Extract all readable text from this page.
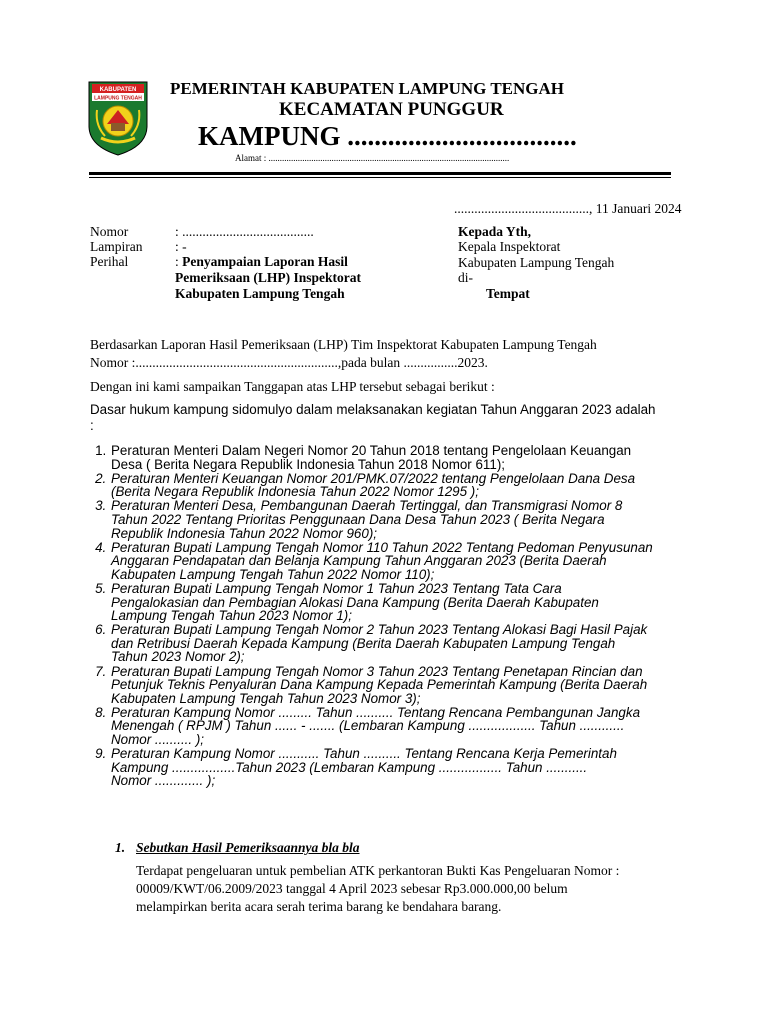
KABUPATEN
LAMPUNG TENGAH
PEMERINTAH KABUPATEN LAMPUNG TENGAH
KECAMATAN PUNGGUR
KAMPUNG ..................................
Alamat : ...........................................................................................................
........................................, 11 Januari 2024
Nomor	: .......................................
Lampiran : -
Perihal	: Penyampaian Laporan Hasil
Pemeriksaan (LHP) Inspektorat
Kabupaten Lampung Tengah
Kepada Yth,
Kepala Inspektorat
Kabupaten Lampung Tengah
di-
Tempat
Berdasarkan Laporan Hasil Pemeriksaan (LHP) Tim Inspektorat Kabupaten Lampung Tengah
Nomor :............................................................,pada bulan ................2023.
Dengan ini kami sampaikan Tanggapan atas LHP tersebut sebagai berikut :
Dasar hukum kampung sidomulyo dalam melaksanakan kegiatan Tahun Anggaran 2023 adalah
:
1. Peraturan Menteri Dalam Negeri Nomor 20 Tahun 2018 tentang Pengelolaan Keuangan
Desa ( Berita Negara Republik Indonesia Tahun 2018 Nomor 611);
2. Peraturan Menteri Keuangan Nomor 201/PMK.07/2022 tentang Pengelolaan Dana Desa
(Berita Negara Republik Indonesia Tahun 2022 Nomor 1295 );
3. Peraturan Menteri Desa, Pembangunan Daerah Tertinggal, dan Transmigrasi Nomor 8
Tahun 2022 Tentang Prioritas Penggunaan Dana Desa Tahun 2023 ( Berita Negara
Republik Indonesia Tahun 2022 Nomor 960);
4. Peraturan Bupati Lampung Tengah Nomor 110 Tahun 2022 Tentang Pedoman Penyusunan
Anggaran Pendapatan dan Belanja Kampung Tahun Anggaran 2023 (Berita Daerah
Kabupaten Lampung Tengah Tahun 2022 Nomor 110);
5. Peraturan Bupati Lampung Tengah Nomor 1 Tahun 2023 Tentang Tata Cara
Pengalokasian dan Pembagian Alokasi Dana Kampung (Berita Daerah Kabupaten
Lampung Tengah Tahun 2023 Nomor 1);
6. Peraturan Bupati Lampung Tengah Nomor 2 Tahun 2023 Tentang Alokasi Bagi Hasil Pajak
dan Retribusi Daerah Kepada Kampung (Berita Daerah Kabupaten Lampung Tengah
Tahun 2023 Nomor 2);
7. Peraturan Bupati Lampung Tengah Nomor 3 Tahun 2023 Tentang Penetapan Rincian dan
Petunjuk Teknis Penyaluran Dana Kampung Kepada Pemerintah Kampung (Berita Daerah
Kabupaten Lampung Tengah Tahun 2023 Nomor 3);
8. Peraturan Kampung Nomor ......... Tahun .......... Tentang Rencana Pembangunan Jangka
Menengah ( RPJM ) Tahun ...... - ....... (Lembaran Kampung .................. Tahun ............
Nomor .......... );
9. Peraturan Kampung Nomor ........... Tahun .......... Tentang Rencana Kerja Pemerintah
Kampung .................Tahun 2023 (Lembaran Kampung ................. Tahun ...........
Nomor ............. );
1. Sebutkan Hasil Pemeriksaannya bla bla
Terdapat pengeluaran untuk pembelian ATK perkantoran Bukti Kas Pengeluaran Nomor :
00009/KWT/06.2009/2023 tanggal 4 April 2023 sebesar Rp3.000.000,00 belum
melampirkan berita acara serah terima barang ke bendahara barang.
